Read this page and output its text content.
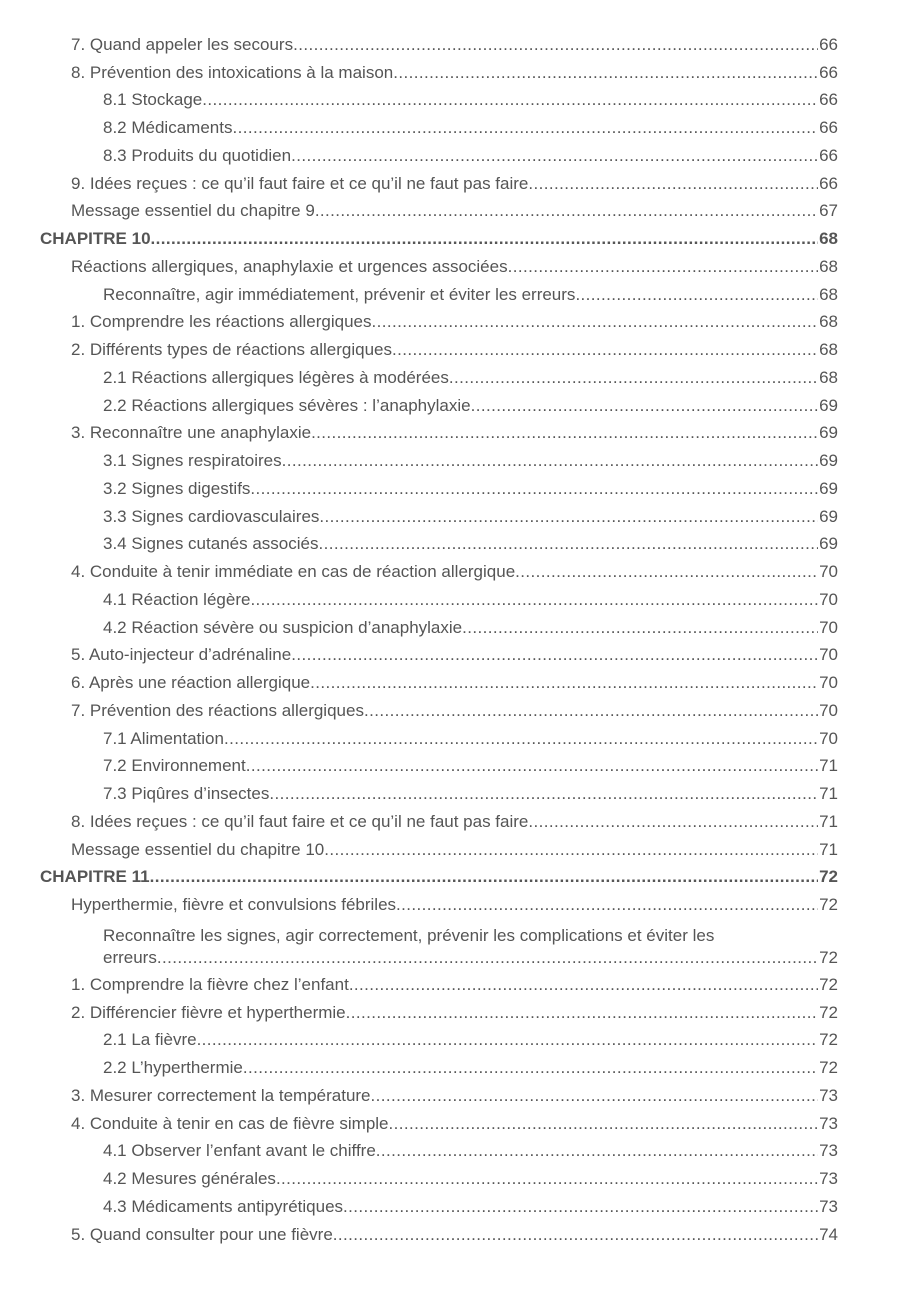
7. Quand appeler les secours .....	66
8. Prévention des intoxications à la maison .....	66
8.1 Stockage .....	66
8.2 Médicaments .....	66
8.3 Produits du quotidien .....	66
9. Idées reçues : ce qu’il faut faire et ce qu’il ne faut pas faire .....	66
Message essentiel du chapitre 9 .....	67
CHAPITRE 10 .....	68
Réactions allergiques, anaphylaxie et urgences associées .....	68
Reconnaître, agir immédiatement, prévenir et éviter les erreurs .....	68
1. Comprendre les réactions allergiques .....	68
2. Différents types de réactions allergiques .....	68
2.1 Réactions allergiques légères à modérées .....	68
2.2 Réactions allergiques sévères : l’anaphylaxie .....	69
3. Reconnaître une anaphylaxie .....	69
3.1 Signes respiratoires .....	69
3.2 Signes digestifs .....	69
3.3 Signes cardiovasculaires .....	69
3.4 Signes cutanés associés .....	69
4. Conduite à tenir immédiate en cas de réaction allergique .....	70
4.1 Réaction légère .....	70
4.2 Réaction sévère ou suspicion d’anaphylaxie .....	70
5. Auto-injecteur d’adrénaline .....	70
6. Après une réaction allergique .....	70
7. Prévention des réactions allergiques .....	70
7.1 Alimentation .....	70
7.2 Environnement .....	71
7.3 Piqûres d’insectes .....	71
8. Idées reçues : ce qu’il faut faire et ce qu’il ne faut pas faire .....	71
Message essentiel du chapitre 10 .....	71
CHAPITRE 11 .....	72
Hyperthermie, fièvre et convulsions fébriles .....	72
Reconnaître les signes, agir correctement, prévenir les complications et éviter les
erreurs .....	72
1. Comprendre la fièvre chez l’enfant .....	72
2. Différencier fièvre et hyperthermie .....	72
2.1 La fièvre .....	72
2.2 L’hyperthermie .....	72
3. Mesurer correctement la température .....	73
4. Conduite à tenir en cas de fièvre simple .....	73
4.1 Observer l’enfant avant le chiffre .....	73
4.2 Mesures générales .....	73
4.3 Médicaments antipyrétiques .....	73
5. Quand consulter pour une fièvre .....	74
